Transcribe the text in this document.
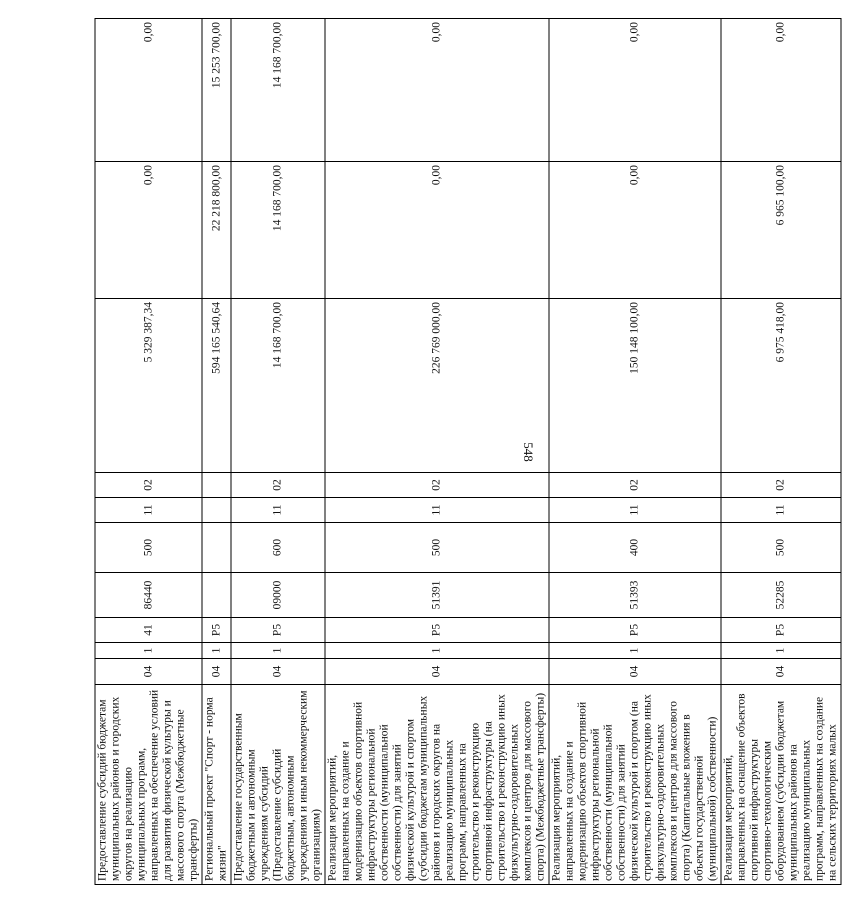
548
Предоставление субсидий бюджетам муниципальных районов и городских округов на реализацию муниципальных программ, направленных на обеспечение условий для развития физической культуры и массового спорта (Межбюджетные трансферты)	04	1	41	86440	500	11	02	5 329 387,34	0,00	0,00
Региональный проект "Спорт - норма жизни"	04	1	P5					594 165 540,64	22 218 800,00	15 253 700,00
Предоставление государственным бюджетным и автономным учреждениям субсидий (Предоставление субсидий бюджетным, автономным учреждениям и иным некоммерческим организациям)	04	1	P5	09000	600	11	02	14 168 700,00	14 168 700,00	14 168 700,00
Реализация мероприятий, направленных на создание и модернизацию объектов спортивной инфраструктуры региональной собственности (муниципальной собственности) для занятий физической культурой и спортом (субсидии бюджетам муниципальных районов и городских округов на реализацию муниципальных программ, направленных на строительство и реконструкцию спортивной инфраструктуры (на строительство и реконструкцию иных физкультурно-оздоровительных комплексов и центров для массового спорта) (Межбюджетные трансферты)	04	1	P5	51391	500	11	02	226 769 000,00	0,00	0,00
Реализация мероприятий, направленных на создание и модернизацию объектов спортивной инфраструктуры региональной собственности (муниципальной собственности) для занятий физической культурой и спортом (на строительство и реконструкцию иных физкультурно-оздоровительных комплексов и центров для массового спорта) (Капитальные вложения в объекты государственной (муниципальной) собственности)	04	1	P5	51393	400	11	02	150 148 100,00	0,00	0,00
Реализация мероприятий, направленных на оснащение объектов спортивной инфраструктуры спортивно-технологическим оборудованием (субсидии бюджетам муниципальных районов на реализацию муниципальных программ, направленных на создание на сельских территориях малых	04	1	P5	52285	500	11	02	6 975 418,00	6 965 100,00	0,00
